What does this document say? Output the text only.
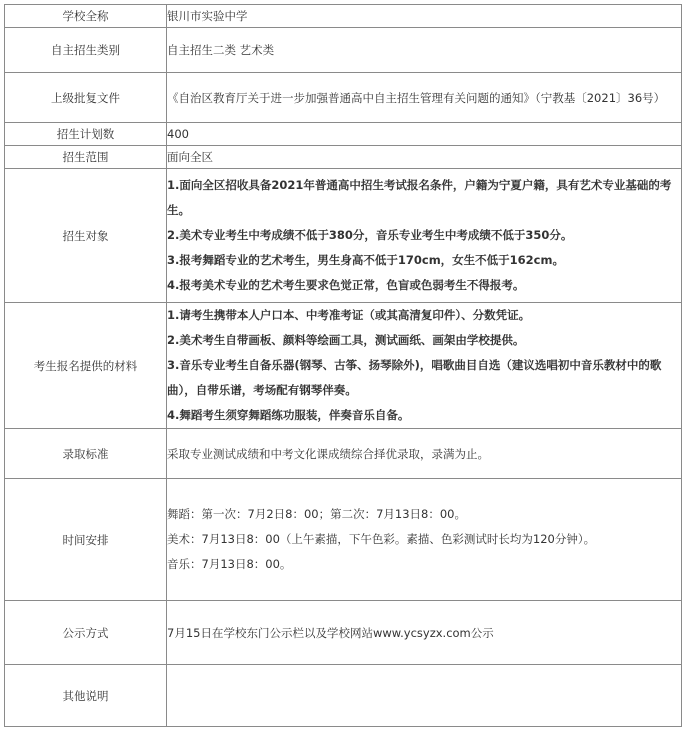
学校全称	银川市实验中学
自主招生类别	自主招生二类 艺术类
上级批复文件	《自治区教育厅关于进一步加强普通高中自主招生管理有关问题的通知》（宁教基〔2021〕36号）
招生计划数	400
招生范围	面向全区
招生对象	1.面向全区招收具备2021年普通高中招生考试报名条件，户籍为宁夏户籍，具有艺术专业基础的考生。
2.美术专业考生中考成绩不低于380分，音乐专业考生中考成绩不低于350分。
3.报考舞蹈专业的艺术考生，男生身高不低于170cm，女生不低于162cm。
4.报考美术专业的艺术考生要求色觉正常，色盲或色弱考生不得报考。

考生报名提供的材料	1.请考生携带本人户口本、中考准考证（或其高清复印件）、分数凭证。
2.美术考生自带画板、颜料等绘画工具，测试画纸、画架由学校提供。
3.音乐专业考生自备乐器(钢琴、古筝、扬琴除外)，唱歌曲目自选（建议选唱初中音乐教材中的歌曲），自带乐谱，考场配有钢琴伴奏。
4.舞蹈考生须穿舞蹈练功服装，伴奏音乐自备。

录取标准	采取专业测试成绩和中考文化课成绩综合择优录取，录满为止。
时间安排	舞蹈：第一次：7月2日8：00；第二次：7月13日8：00。
美术：7月13日8：00（上午素描，下午色彩。素描、色彩测试时长均为120分钟）。
音乐：7月13日8：00。

公示方式	7月15日在学校东门公示栏以及学校网站www.ycsyzx.com公示
其他说明	
